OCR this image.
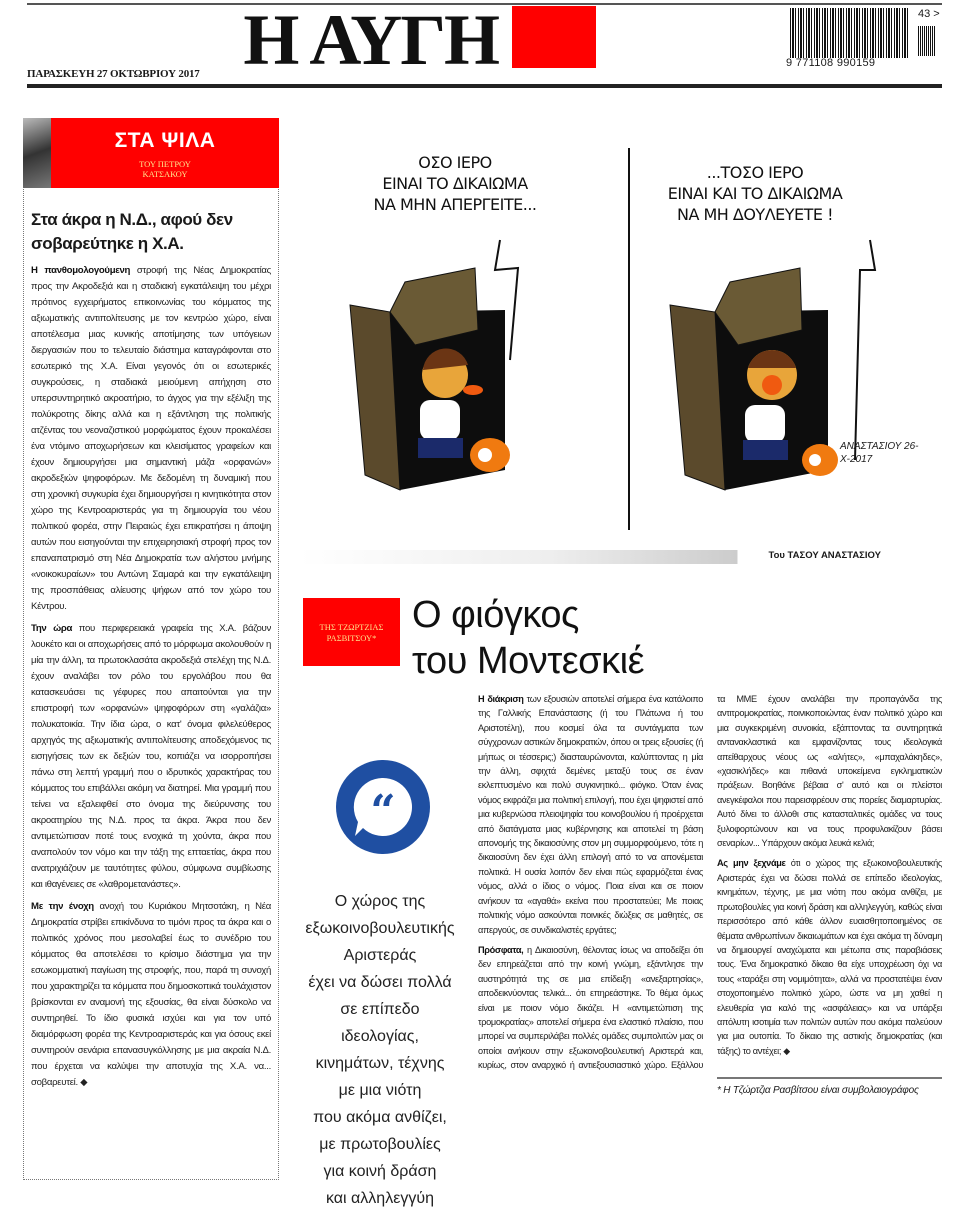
ΠΑΡΑΣΚΕΥΗ 27 ΟΚΤΩΒΡΙΟΥ 2017 Η ΑΥΓΗ	9 771108 990159
43 >
ΣΤΑ ΨΙΛΑ
ΤΟΥ ΠΕΤΡΟΥ ΚΑΤΣΑΚΟΥ
Στα άκρα η Ν.Δ., αφού δεν σοβαρεύτηκε η Χ.Α.

Η πανθομολογούμενη στροφή της Νέας Δημοκρατίας προς την Ακροδεξιά και η σταδιακή εγκατάλειψη του μέχρι πρότινος εγχειρήματος επικοινωνίας του κόμματος της αξιωματικής αντιπολίτευσης με τον κεντρώο χώρο, είναι αποτέλεσμα μιας κυνικής αποτίμησης των υπόγειων διεργασιών που το τελευταίο διάστημα καταγράφονται στο εσωτερικό της Χ.Α. Είναι γεγονός ότι οι εσωτερικές συγκρούσεις, η σταδιακά μειούμενη απήχηση στο υπερσυντηρητικό ακροατήριο, το άγχος για την εξέλιξη της πολύκροτης δίκης αλλά και η εξάντληση της πολιτικής ατζέντας του νεοναζιστικού μορφώματος έχουν προκαλέσει ένα ντόμινο αποχωρήσεων και κλεισίματος γραφείων και έχουν δημιουργήσει μια σημαντική μάζα «ορφανών» ακροδεξιών ψηφοφόρων. Με δεδομένη τη δυναμική που στη χρονική συγκυρία έχει δημιουργήσει η κινητικότητα στον χώρο της Κεντροαριστεράς για τη δημιουργία του νέου πολιτικού φορέα, στην Πειραιώς έχει επικρατήσει η άποψη αυτών που εισηγούνται την επιχειρησιακή στροφή προς τον επαναπατρισμό στη Νέα Δημοκρατία των αλήστου μνήμης «νοικοκυραίων» του Αντώνη Σαμαρά και την εγκατάλειψη της προσπάθειας αλίευσης ψήφων από τον χώρο του Κέντρου.

Την ώρα που περιφερειακά γραφεία της Χ.Α. βάζουν λουκέτο και οι αποχωρήσεις από το μόρφωμα ακολουθούν η μία την άλλη, τα πρωτοκλασάτα ακροδεξιά στελέχη της Ν.Δ. έχουν αναλάβει τον ρόλο του εργολάβου που θα κατασκευάσει τις γέφυρες που απαιτούνται για την επιστροφή των «ορφανών» ψηφοφόρων στη «γαλάζια» πολυκατοικία. Την ίδια ώρα, ο κατ' όνομα φιλελεύθερος αρχηγός της αξιωματικής αντιπολίτευσης αποδεχόμενος τις εισηγήσεις των εκ δεξιών του, κοπιάζει να ισορροπήσει πάνω στη λεπτή γραμμή που ο ιδρυτικός χαρακτήρας του κόμματος του επιβάλλει ακόμη να διατηρεί. Μια γραμμή που τείνει να εξαλειφθεί στο όνομα της διεύρυνσης του ακροατηρίου της Ν.Δ. προς τα άκρα. Άκρα που δεν αντιμετώπισαν ποτέ τους ενοχικά τη χούντα, άκρα που αναπολούν τον νόμο και την τάξη της επταετίας, άκρα που ανατριχιάζουν με ταυτότητες φύλου, σύμφωνα συμβίωσης και ιθαγένειες σε «λαθρομετανάστες».

Με την ένοχη ανοχή του Κυριάκου Μητσοτάκη, η Νέα Δημοκρατία στρίβει επικίνδυνα το τιμόνι προς τα άκρα και ο πολιτικός χρόνος που μεσολαβεί έως το συνέδριο του κόμματος θα αποτελέσει το κρίσιμο διάστημα για την εσωκομματική παγίωση της στροφής, που, παρά τη συνοχή που χαρακτηρίζει τα κόμματα που δημοσκοπικά τουλάχιστον βρίσκονται εν αναμονή της εξουσίας, θα είναι δύσκολο να συντηρηθεί. Το ίδιο φυσικά ισχύει και για τον υπό διαμόρφωση φορέα της Κεντροαριστεράς και για όσους εκεί συντηρούν σενάρια επανασυγκόλλησης με μια ακραία Ν.Δ. που έρχεται να καλύψει την αποτυχία της Χ.Α. να... σοβαρευτεί. ◆

ΟΣΟ ΙΕΡΟ
ΕΙΝΑΙ ΤΟ ΔΙΚΑΙΩΜΑ
ΝΑ ΜΗΝ ΑΠΕΡΓΕΙΤΕ...
...ΤΟΣΟ ΙΕΡΟ
ΕΙΝΑΙ ΚΑΙ ΤΟ ΔΙΚΑΙΩΜΑ
ΝΑ ΜΗ ΔΟΥΛΕΥΕΤΕ !
ΑΝΑΣΤΑΣΙΟΥ 26-X-2017
Του ΤΑΣΟΥ ΑΝΑΣΤΑΣΙΟΥ
ΤΗΣ ΤΖΩΡΤΖΙΑΣ ΡΑΣΒΙΤΣΟΥ*
Ο φιόγκος
του Μοντεσκιέ
“
Ο χώρος της
εξωκοινοβουλευτικής
Αριστεράς
έχει να δώσει πολλά
σε επίπεδο
ιδεολογίας,
κινημάτων, τέχνης
με μια νιότη
που ακόμα ανθίζει,
με πρωτοβουλίες
για κοινή δράση
και αλληλεγγύη

Η διάκριση των εξουσιών αποτελεί σήμερα ένα κατάλοιπο της Γαλλικής Επανάστασης (ή του Πλάτωνα ή του Αριστοτέλη), που κοσμεί όλα τα συντάγματα των σύγχρονων αστικών δημοκρατιών, όπου οι τρεις εξουσίες (ή μήπως οι τέσσερις;) διασταυρώνονται, καλύπτοντας η μία την άλλη, σφιχτά δεμένες μεταξύ τους σε έναν εκλεπτυσμένο και πολύ συγκινητικό... φιόγκο. Όταν ένας νόμος εκφράζει μια πολιτική επιλογή, που έχει ψηφιστεί από μια κυβερνώσα πλειοψηφία του κοινοβουλίου ή προέρχεται από διατάγματα μιας κυβέρνησης και αποτελεί τη βάση απονομής της δικαιοσύνης στον μη συμμορφούμενο, τότε η δικαιοσύνη δεν έχει άλλη επιλογή από το να απονέμεται πολιτικά. Η ουσία λοιπόν δεν είναι πώς εφαρμόζεται ένας νόμος, αλλά ο ίδιος ο νόμος. Ποια είναι και σε ποιον ανήκουν τα «αγαθά» εκείνα που προστατεύει; Με ποιας πολιτικής νόμο ασκούνται ποινικές διώξεις σε μαθητές, σε απεργούς, σε συνδικαλιστές εργάτες;

Πρόσφατα, η Δικαιοσύνη, θέλοντας ίσως να αποδείξει ότι δεν επηρεάζεται από την κοινή γνώμη, εξάντλησε την αυστηρότητά της σε μια επίδειξη «ανεξαρτησίας», αποδεικνύοντας τελικά... ότι επηρεάστηκε. Το θέμα όμως είναι με ποιον νόμο δικάζει. Η «αντιμετώπιση της τρομοκρατίας» αποτελεί σήμερα ένα ελαστικό πλαίσιο, που μπορεί να συμπεριλάβει πολλές ομάδες συμπολιτών μας οι οποίοι ανήκουν στην εξωκοινοβουλευτική Αριστερά και, κυρίως, στον αναρχικό ή αντιεξουσιαστικό χώρο. Εξάλλου τα ΜΜΕ έχουν αναλάβει την προπαγάνδα της αντιτρομοκρατίας, ποινικοποιώντας έναν πολιτικό χώρο και μια συγκεκριμένη συνοικία, εξάπτοντας τα συντηρητικά αντανακλαστικά και εμφανίζοντας τους ιδεολογικά απείθαρχους νέους ως «αλήτες», «μπαχαλάκηδες», «χασικλήδες» και πιθανά υποκείμενα εγκληματικών πράξεων. Βοηθάνε βέβαια σ' αυτό και οι πλείστοι ανεγκέφαλοι που παρεισφρέουν στις πορείες διαμαρτυρίας. Αυτό δίνει το άλλοθι στις κατασταλτικές ομάδες να τους ξυλοφορτώνουν και να τους προφυλακίζουν βάσει σεναρίων... Υπάρχουν ακόμα λευκά κελιά;

Ας μην ξεχνάμε ότι ο χώρος της εξωκοινοβουλευτικής Αριστεράς έχει να δώσει πολλά σε επίπεδο ιδεολογίας, κινημάτων, τέχνης, με μια νιότη που ακόμα ανθίζει, με πρωτοβουλίες για κοινή δράση και αλληλεγγύη, καθώς είναι περισσότερο από κάθε άλλον ευαισθητοποιημένος σε θέματα ανθρωπίνων δικαιωμάτων και έχει ακόμα τη δύναμη να δημιουργεί αναχώματα και μέτωπα στις παραβιάσεις τους. Ένα δημοκρατικό δίκαιο θα είχε υποχρέωση όχι να τους «ταράξει στη νομιμότητα», αλλά να προστατέψει έναν στοχοποιημένο πολιτικό χώρο, ώστε να μη χαθεί η ελευθερία για καλό της «ασφάλειας» και να υπάρξει απόλυτη ισοτιμία των πολιτών αυτών που ακόμα παλεύουν για μια ουτοπία. Το δίκαιο της αστικής δημοκρατίας (και τάξης) το αντέχει; ◆

* Η Τζώρτζια Ρασβίτσου είναι συμβολαιογράφος
